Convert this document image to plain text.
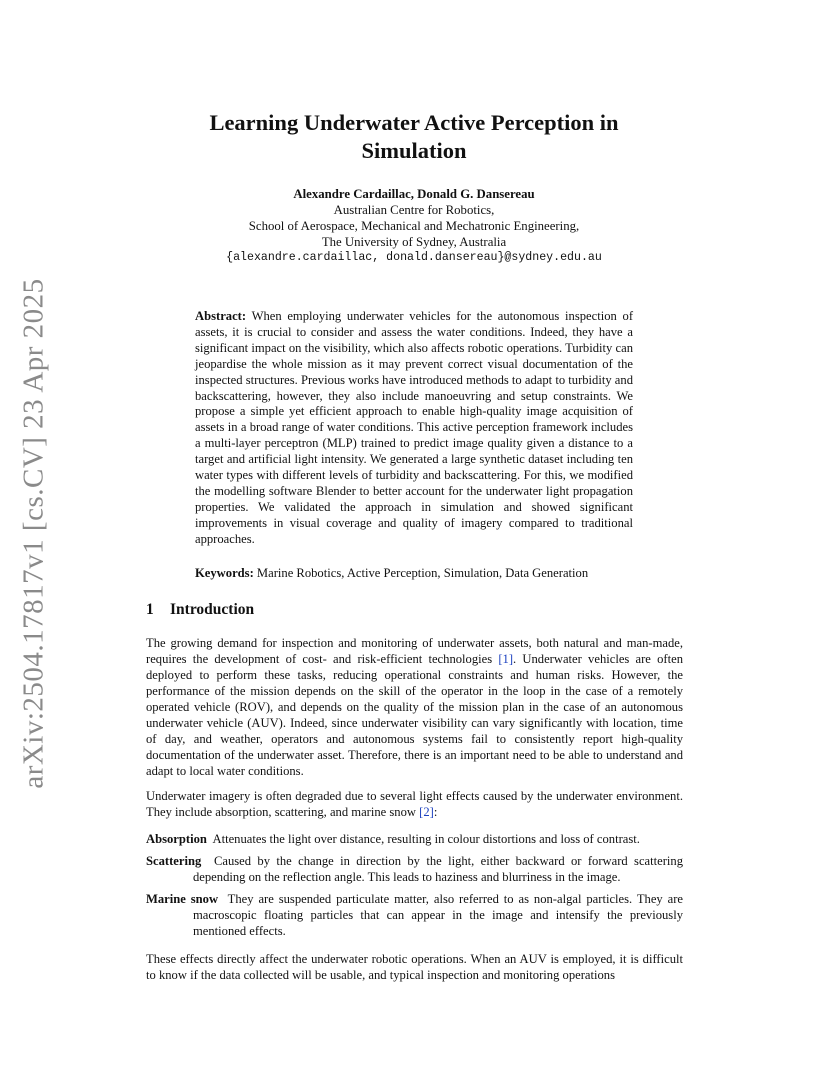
arXiv:2504.17817v1 [cs.CV] 23 Apr 2025
Learning Underwater Active Perception in
Simulation
Alexandre Cardaillac, Donald G. Dansereau
Australian Centre for Robotics,
School of Aerospace, Mechanical and Mechatronic Engineering,
The University of Sydney, Australia
{alexandre.cardaillac, donald.dansereau}@sydney.edu.au
Abstract: When employing underwater vehicles for the autonomous inspection of assets, it is crucial to consider and assess the water conditions. Indeed, they have a significant impact on the visibility, which also affects robotic operations. Turbidity can jeopardise the whole mission as it may prevent correct visual documentation of the inspected structures. Previous works have introduced methods to adapt to turbidity and backscattering, however, they also include manoeuvring and setup constraints. We propose a simple yet efficient approach to enable high-quality image acquisition of assets in a broad range of water conditions. This active perception framework includes a multi-layer perceptron (MLP) trained to predict image quality given a distance to a target and artificial light intensity. We generated a large synthetic dataset including ten water types with different levels of turbidity and backscattering. For this, we modified the modelling software Blender to better account for the underwater light propagation properties. We validated the approach in simulation and showed significant improvements in visual coverage and quality of imagery compared to traditional approaches.
Keywords: Marine Robotics, Active Perception, Simulation, Data Generation
1 Introduction
The growing demand for inspection and monitoring of underwater assets, both natural and man-made, requires the development of cost- and risk-efficient technologies [1]. Underwater vehicles are often deployed to perform these tasks, reducing operational constraints and human risks. However, the performance of the mission depends on the skill of the operator in the loop in the case of a remotely operated vehicle (ROV), and depends on the quality of the mission plan in the case of an autonomous underwater vehicle (AUV). Indeed, since underwater visibility can vary significantly with location, time of day, and weather, operators and autonomous systems fail to consistently report high-quality documentation of the underwater asset. Therefore, there is an important need to be able to understand and adapt to local water conditions.
Underwater imagery is often degraded due to several light effects caused by the underwater environment. They include absorption, scattering, and marine snow [2]:
Absorption Attenuates the light over distance, resulting in colour distortions and loss of contrast.
Scattering Caused by the change in direction by the light, either backward or forward scattering depending on the reflection angle. This leads to haziness and blurriness in the image.
Marine snow They are suspended particulate matter, also referred to as non-algal particles. They are macroscopic floating particles that can appear in the image and intensify the previously mentioned effects.
These effects directly affect the underwater robotic operations. When an AUV is employed, it is difficult to know if the data collected will be usable, and typical inspection and monitoring operations
